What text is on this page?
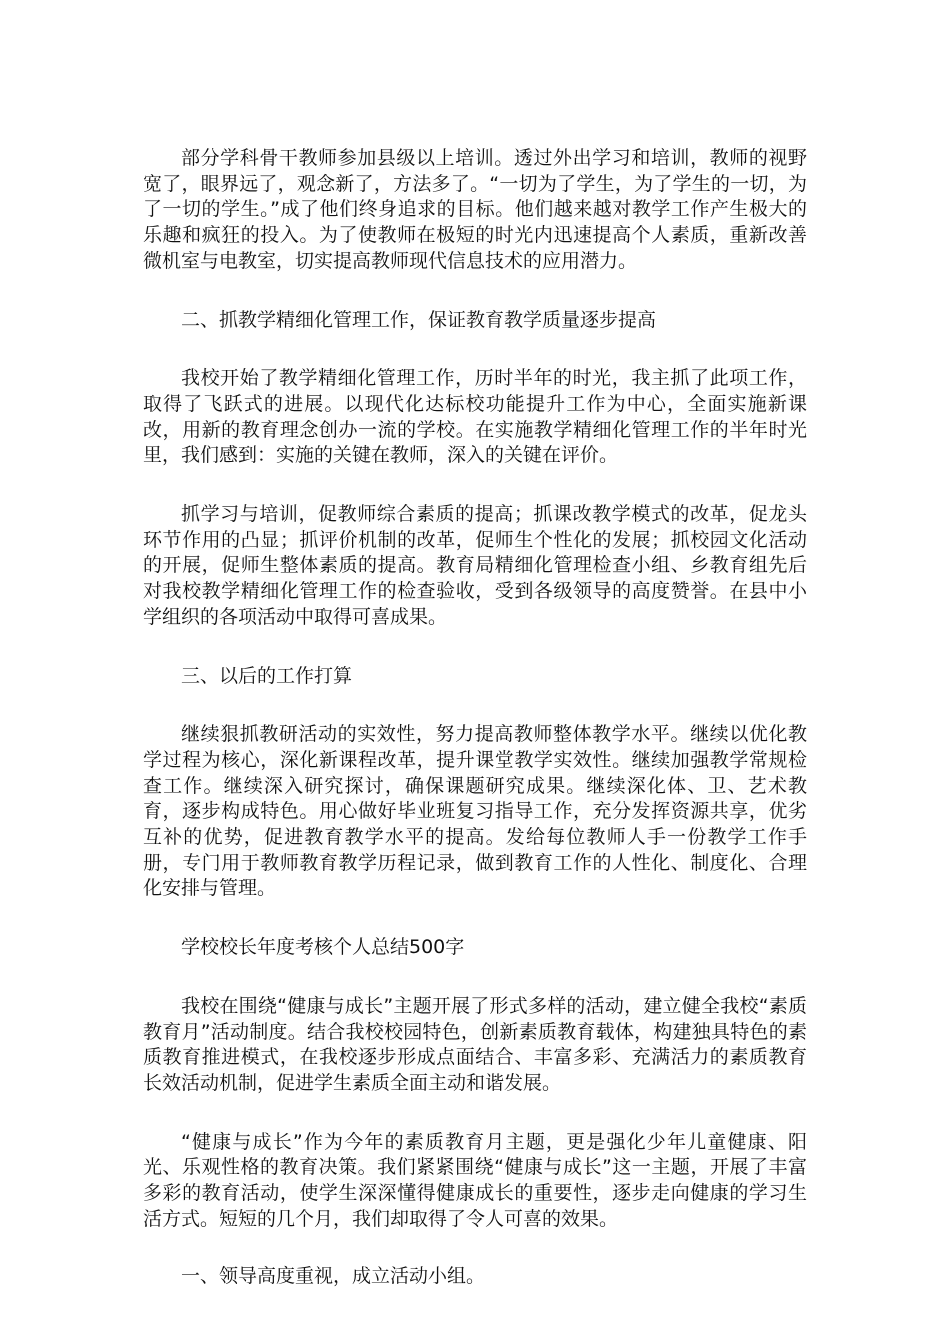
部分学科骨干教师参加县级以上培训。透过外出学习和培训，教师的视野宽了，眼界远了，观念新了，方法多了。“一切为了学生，为了学生的一切，为了一切的学生。”成了他们终身追求的目标。他们越来越对教学工作产生极大的乐趣和疯狂的投入。为了使教师在极短的时光内迅速提高个人素质，重新改善微机室与电教室，切实提高教师现代信息技术的应用潜力。

二、抓教学精细化管理工作，保证教育教学质量逐步提高

我校开始了教学精细化管理工作，历时半年的时光，我主抓了此项工作，取得了飞跃式的进展。以现代化达标校功能提升工作为中心，全面实施新课改，用新的教育理念创办一流的学校。在实施教学精细化管理工作的半年时光里，我们感到：实施的关键在教师，深入的关键在评价。

抓学习与培训，促教师综合素质的提高；抓课改教学模式的改革，促龙头环节作用的凸显；抓评价机制的改革，促师生个性化的发展；抓校园文化活动的开展，促师生整体素质的提高。教育局精细化管理检查小组、乡教育组先后对我校教学精细化管理工作的检查验收，受到各级领导的高度赞誉。在县中小学组织的各项活动中取得可喜成果。

三、以后的工作打算

继续狠抓教研活动的实效性，努力提高教师整体教学水平。继续以优化教学过程为核心，深化新课程改革，提升课堂教学实效性。继续加强教学常规检查工作。继续深入研究探讨，确保课题研究成果。继续深化体、卫、艺术教育，逐步构成特色。用心做好毕业班复习指导工作，充分发挥资源共享，优劣互补的优势，促进教育教学水平的提高。发给每位教师人手一份教学工作手册，专门用于教师教育教学历程记录，做到教育工作的人性化、制度化、合理化安排与管理。

学校校长年度考核个人总结500字

我校在围绕“健康与成长”主题开展了形式多样的活动，建立健全我校“素质教育月”活动制度。结合我校校园特色，创新素质教育载体，构建独具特色的素质教育推进模式，在我校逐步形成点面结合、丰富多彩、充满活力的素质教育长效活动机制，促进学生素质全面主动和谐发展。

“健康与成长”作为今年的素质教育月主题，更是强化少年儿童健康、阳光、乐观性格的教育决策。我们紧紧围绕“健康与成长”这一主题，开展了丰富多彩的教育活动，使学生深深懂得健康成长的重要性，逐步走向健康的学习生活方式。短短的几个月，我们却取得了令人可喜的效果。

一、领导高度重视，成立活动小组。
